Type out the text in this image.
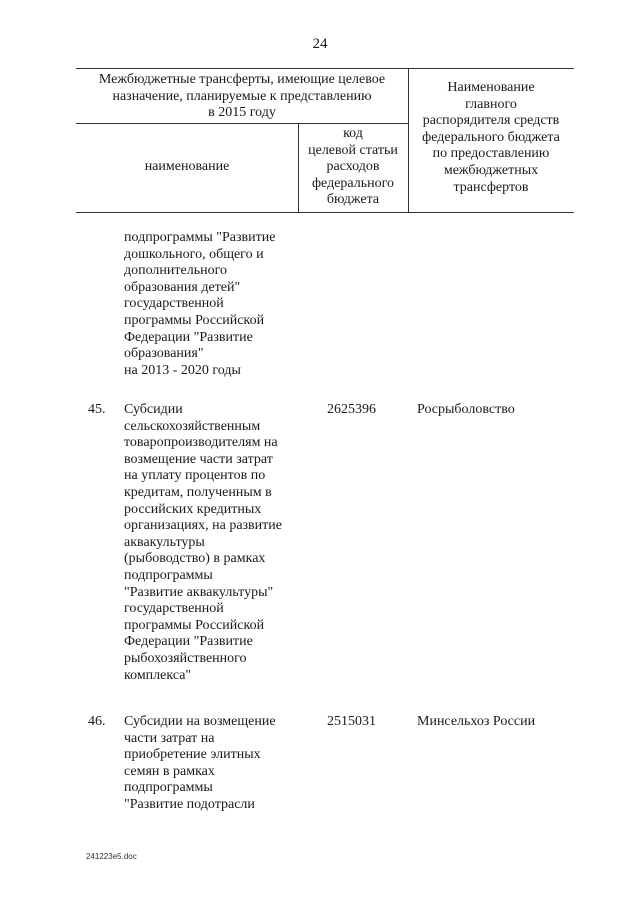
24
Межбюджетные трансферты, имеющие целевое
назначение, планируемые к представлению
в 2015 году
наименование
код
целевой статьи
расходов
федерального
бюджета
Наименование
главного
распорядителя средств
федерального бюджета
по предоставлению
межбюджетных
трансфертов
подпрограммы "Развитие
дошкольного, общего и
дополнительного
образования детей"
государственной
программы Российской
Федерации "Развитие
образования"
на 2013 - 2020 годы
45. Субсидии
сельскохозяйственным
товаропроизводителям на
возмещение части затрат
на уплату процентов по
кредитам, полученным в
российских кредитных
организациях, на развитие
аквакультуры
(рыбоводство) в рамках
подпрограммы
"Развитие аквакультуры"
государственной
программы Российской
Федерации "Развитие
рыбохозяйственного
комплекса"
2625396	Росрыболовство
46. Субсидии на возмещение
части затрат на
приобретение элитных
семян в рамках
подпрограммы
"Развитие подотрасли
2515031	Минсельхоз России
241223е5.doc
